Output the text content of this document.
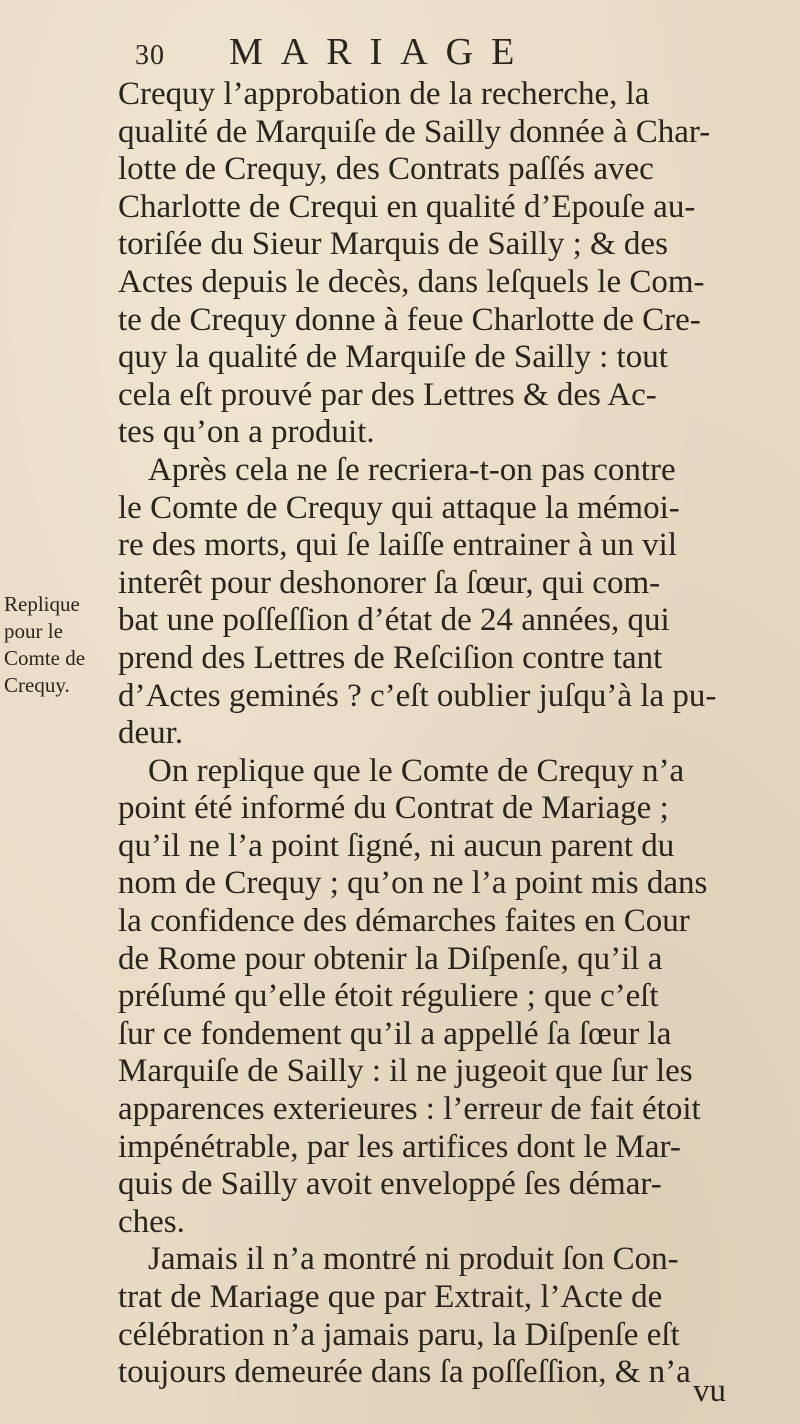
30 MARIAGE
Replique
pour le
Comte de
Crequy.
Crequy l’approbation de la recherche, la
qualité de Marquiſe de Sailly donnée à Char-
lotte de Crequy, des Contrats paſſés avec
Charlotte de Crequi en qualité d’Epouſe au-
toriſée du Sieur Marquis de Sailly ; & des
Actes depuis le decès, dans leſquels le Com-
te de Crequy donne à feue Charlotte de Cre-
quy la qualité de Marquiſe de Sailly : tout
cela eſt prouvé par des Lettres & des Ac-
tes qu’on a produit.
Après cela ne ſe recriera-t-on pas contre
le Comte de Crequy qui attaque la mémoi-
re des morts, qui ſe laiſſe entrainer à un vil
interêt pour deshonorer ſa ſœur, qui com-
bat une poſſeſſion d’état de 24 années, qui
prend des Lettres de Reſciſion contre tant
d’Actes geminés ? c’eſt oublier juſqu’à la pu-
deur.
On replique que le Comte de Crequy n’a
point été informé du Contrat de Mariage ;
qu’il ne l’a point ſigné, ni aucun parent du
nom de Crequy ; qu’on ne l’a point mis dans
la confidence des démarches faites en Cour
de Rome pour obtenir la Diſpenſe, qu’il a
préſumé qu’elle étoit réguliere ; que c’eſt
ſur ce fondement qu’il a appellé ſa ſœur la
Marquiſe de Sailly : il ne jugeoit que ſur les
apparences exterieures : l’erreur de fait étoit
impénétrable, par les artifices dont le Mar-
quis de Sailly avoit enveloppé ſes démar-
ches.
Jamais il n’a montré ni produit ſon Con-
trat de Mariage que par Extrait, l’Acte de
célébration n’a jamais paru, la Diſpenſe eſt
toujours demeurée dans ſa poſſeſſion, & n’a
vu
